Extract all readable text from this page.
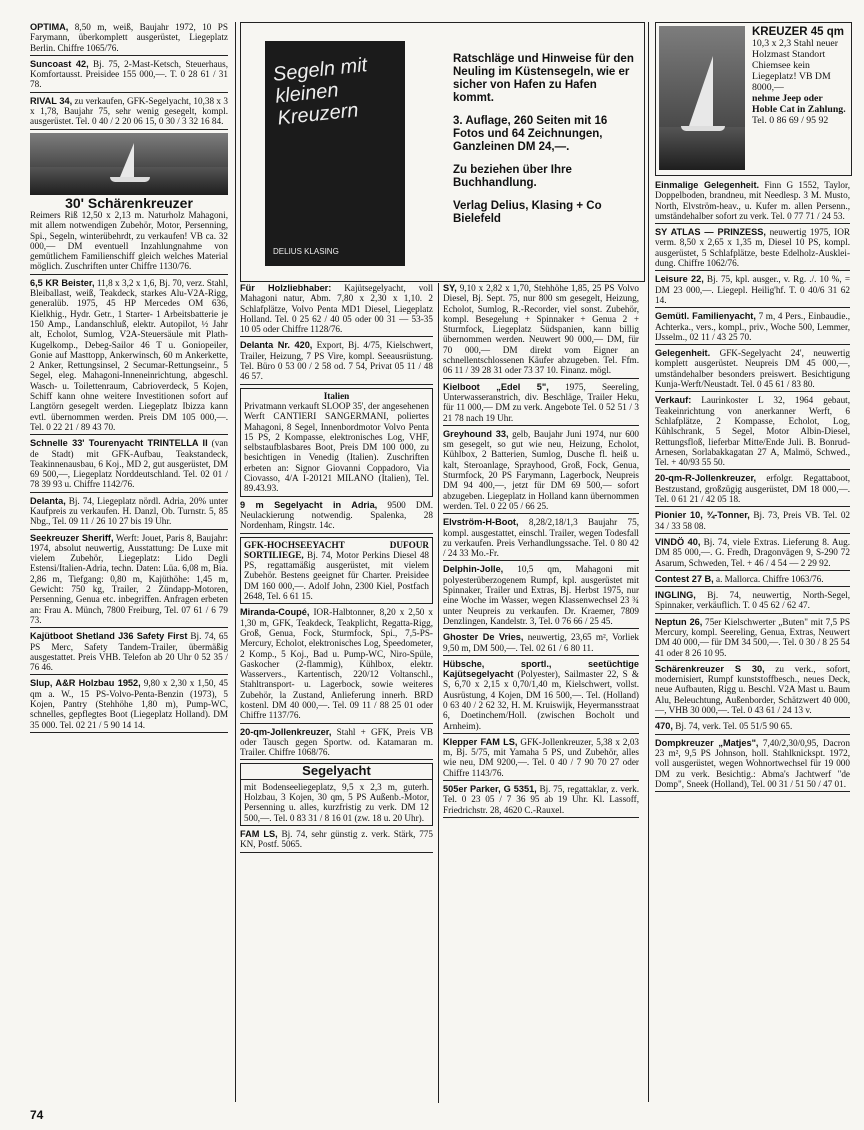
OPTIMA, 8,50 m, weiß, Baujahr 1972, 10 PS Farymann, überkomplett ausgerüstet, Liegeplatz Berlin. Chiffre 1065/76.
Suncoast 42, Bj. 75, 2-Mast-Ketsch, Steuerhaus, Komfortausst. Preisidee 155 000,—. T. 0 28 61 / 31 78.
RIVAL 34, zu verkaufen, GFK-Segelyacht, 10,38 x 3 x 1,78, Baujahr 75, sehr wenig gesegelt, kompl. ausgerüstet. Tel. 0 40 / 2 20 06 15, 0 30 / 3 32 16 84.
30' Schärenkreuzer
Reimers Riß 12,50 x 2,13 m. Naturholz Mahagoni, mit allem notwendigen Zubehör, Motor, Persenning, Spi., Segeln, winterübehrdt, zu verkaufen! VB ca. 32 000,— DM eventuell Inzahlungnahme von gemütlichem Familienschiff gleich welches Material möglich. Zuschriften unter Chiffre 1130/76.
6,5 KR Beister, 11,8 x 3,2 x 1,6, Bj. 70, verz. Stahl, Bleiballast, weiß, Teakdeck, starkes Alu-V2A-Rigg, generalüb. 1975, 45 HP Mercedes OM 636, Kielkhig., Hydr. Getr., 1 Starter- 1 Arbeitsbatterie je 150 Amp., Landanschluß, elektr. Autopilot, ½ Jahr alt, Echolot, Sumlog, V2A-Steuersäule mit Plath-Kugelkomp., Debeg-Sailor 46 T u. Goniopeiler, Gonie auf Masttopp, Ankerwinsch, 60 m Ankerkette, 2 Anker, Rettungsinsel, 2 Secumar-Rettungseinr., 5 Segel, eleg. Mahagoni-Inneneinrichtung, abgeschl. Wasch- u. Toilettenraum, Cabrioverdeck, 5 Kojen, Schiff kann ohne weitere Investitionen sofort auf Langtörn gesegelt werden. Liegeplatz Ibizza kann evtl. übernommen werden. Preis DM 105 000,—. Tel. 0 22 21 / 89 43 70.
Schnelle 33' Tourenyacht TRINTELLA II (van de Stadt) mit GFK-Aufbau, Teakstandeck, Teakinnenausbau, 6 Koj., MD 2, gut ausgerüstet, DM 69 500,—, Liegeplatz Norddeutschland. Tel. 02 01 / 78 39 93 u. Chiffre 1142/76.
Delanta, Bj. 74, Liegeplatz nördl. Adria, 20% unter Kaufpreis zu verkaufen. H. Danzl, Ob. Turnstr. 5, 85 Nbg., Tel. 09 11 / 26 10 27 bis 19 Uhr.
Seekreuzer Sheriff, Werft: Jouet, Paris 8, Baujahr: 1974, absolut neuwertig, Ausstattung: De Luxe mit vielem Zubehör, Liegeplatz: Lido Degli Estensi/Italien-Adria, techn. Daten: Lüa. 6,08 m, Bia. 2,86 m, Tiefgang: 0,80 m, Kajüthöhe: 1,45 m, Gewicht: 750 kg, Trailer, 2 Zündapp-Motoren, Persenning, Genua etc. inbegriffen. Anfragen erbeten an: Frau A. Münch, 7800 Freiburg, Tel. 07 61 / 6 79 73.
Kajütboot Shetland J36 Safety First Bj. 74, 65 PS Merc, Safety Tandem-Trailer, übermäßig ausgestattet. Preis VHB. Telefon ab 20 Uhr 0 52 35 / 76 46.
Slup, A&R Holzbau 1952, 9,80 x 2,30 x 1,50, 45 qm a. W., 15 PS-Volvo-Penta-Benzin (1973), 5 Kojen, Pantry (Stehhöhe 1,80 m), Pump-WC, schnelles, gepflegtes Boot (Liegeplatz Holland). DM 35 000. Tel. 02 21 / 5 90 14 14.
Segeln mit kleinen Kreuzern
DELIUS KLASING

Ratschläge und Hinweise für den Neuling im Küstensegeln, wie er sicher von Hafen zu Hafen kommt.

3. Auflage, 260 Seiten mit 16 Fotos und 64 Zeichnungen, Ganzleinen DM 24,—.

Zu beziehen über Ihre Buchhandlung.

Verlag Delius, Klasing + Co Bielefeld

KREUZER 45 qm
10,3 x 2,3 Stahl neuer Holzmast Standort Chiemsee kein Liegeplatz! VB DM 8000,—
nehme Jeep oder Hoble Cat in Zahlung.
Tel. 0 86 69 / 95 92
Für Holzliebhaber: Kajütsegelyacht, voll Mahagoni natur, Abm. 7,80 x 2,30 x 1,10. 2 Schlafplätze, Volvo Penta MD1 Diesel, Liegeplatz Holland. Tel. 0 25 62 / 40 05 oder 00 31 — 53-35 10 05 oder Chiffre 1128/76.
Delanta Nr. 420, Export, Bj. 4/75, Kielschwert, Trailer, Heizung, 7 PS Vire, kompl. Seeausrüstung. Tel. Büro 0 53 00 / 2 58 od. 7 54, Privat 05 11 / 48 46 57.
Italien
Privatmann verkauft SLOOP 35', der angesehenen Werft CANTIERI SANGERMANI, poliertes Mahagoni, 8 Segel, Innenbordmotor Volvo Penta 15 PS, 2 Kompasse, elektronisches Log, VHF, selbstaufblasbares Boot, Preis DM 100 000, zu besichtigen in Venedig (Italien). Zuschriften erbeten an: Signor Giovanni Coppadoro, Via Ciovasso, 4/A I-20121 MILANO (Italien), Tel. 89.43.93.
9 m Segelyacht in Adria, 9500 DM. Neulackierung notwendig. Spalenka, 28 Nordenham, Ringstr. 14c.
GFK-HOCHSEEYACHT DUFOUR SORTILIEGE, Bj. 74, Motor Perkins Diesel 48 PS, regattamäßig ausgerüstet, mit vielem Zubehör. Bestens geeignet für Charter. Preisidee DM 160 000,—. Adolf John, 2300 Kiel, Postfach 2648, Tel. 6 61 15.
Miranda-Coupé, IOR-Halbtonner, 8,20 x 2,50 x 1,30 m, GFK, Teakdeck, Teakplicht, Regatta-Rigg, Groß, Genua, Fock, Sturmfock, Spi., 7,5-PS-Mercury, Echolot, elektronisches Log, Speedometer, 2 Komp., 5 Koj., Bad u. Pump-WC, Niro-Spüle, Gaskocher (2-flammig), Kühlbox, elektr. Wasservers., Kartentisch, 220/12 Voltanschl., Stahltransport- u. Lagerbock, sowie weiteres Zubehör, la Zustand, Anlieferung innerh. BRD kostenl. DM 40 000,—. Tel. 09 11 / 88 25 01 oder Chiffre 1137/76.
20-qm-Jollenkreuzer, Stahl + GFK, Preis VB oder Tausch gegen Sportw. od. Katamaran m. Trailer. Chiffre 1068/76.
Segelyacht
mit Bodenseeliegeplatz, 9,5 x 2,3 m, guterh. Holzbau, 3 Kojen, 30 qm, 5 PS Außenb.-Motor, Persenning u. alles, kurzfristig zu verk. DM 12 500,—. Tel. 0 83 31 / 8 16 01 (zw. 18 u. 20 Uhr).
FAM LS, Bj. 74, sehr günstig z. verk. Stärk, 775 KN, Postf. 5065.
SY, 9,10 x 2,82 x 1,70, Stehhöhe 1,85, 25 PS Volvo Diesel, Bj. Sept. 75, nur 800 sm gesegelt, Heizung, Echolot, Sumlog, R.-Recorder, viel sonst. Zubehör, kompl. Besegelung + Spinnaker + Genua 2 + Sturmfock, Liegeplatz Südspanien, kann billig übernommen werden. Neuwert 90 000,— DM, für 70 000,— DM direkt vom Eigner an schnellentschlossenen Käufer abzugeben. Tel. Ffm. 06 11 / 39 28 31 oder 73 37 10. Finanz. mögl.
Kielboot „Edel 5", 1975, Seereling, Unterwasseranstrich, div. Beschläge, Trailer Heku, für 11 000,— DM zu verk. Angebote Tel. 0 52 51 / 3 21 78 nach 19 Uhr.
Greyhound 33, gelb, Baujahr Juni 1974, nur 600 sm gesegelt, so gut wie neu, Heizung, Echolot, Kühlbox, 2 Batterien, Sumlog, Dusche fl. heiß u. kalt, Steroanlage, Sprayhood, Groß, Fock, Genua, Sturmfock, 20 PS Farymann, Lagerbock, Neupreis DM 94 400,—, jetzt für DM 69 500,— sofort abzugeben. Liegeplatz in Holland kann übernommen werden. Tel. 0 22 05 / 66 25.
Elvström-H-Boot, 8,28/2,18/1,3 Baujahr 75, kompl. ausgestattet, einschl. Trailer, wegen Todesfall zu verkaufen. Preis Verhandlungssache. Tel. 0 80 42 / 24 33 Mo.-Fr.
Delphin-Jolle, 10,5 qm, Mahagoni mit polyesterüberzogenem Rumpf, kpl. ausgerüstet mit Spinnaker, Trailer und Extras, Bj. Herbst 1975, nur eine Woche im Wasser, wegen Klassenwechsel 23 ¾ unter Neupreis zu verkaufen. Dr. Kraemer, 7809 Denzlingen, Kandelstr. 3, Tel. 0 76 66 / 25 45.
Ghoster De Vries, neuwertig, 23,65 m², Vorliek 9,50 m, DM 500,—. Tel. 02 61 / 6 80 11.
Hübsche, sportl., seetüchtige Kajütsegelyacht (Polyester), Sailmaster 22, S & S, 6,70 x 2,15 x 0,70/1,40 m, Kielschwert, vollst. Ausrüstung, 4 Kojen, DM 16 500,—. Tel. (Holland) 0 63 40 / 2 62 32, H. M. Kruiswijk, Heyermansstraat 6, Doetinchem/Holl. (zwischen Bocholt und Arnheim).
Klepper FAM LS, GFK-Jollenkreuzer, 5,38 x 2,03 m, Bj. 5/75, mit Yamaha 5 PS, und Zubehör, alles wie neu, DM 9200,—. Tel. 0 40 / 7 90 70 27 oder Chiffre 1143/76.
505er Parker, G 5351, Bj. 75, regattaklar, z. verk. Tel. 0 23 05 / 7 36 95 ab 19 Uhr. Kl. Lassoff, Friedrichstr. 28, 4620 C.-Rauxel.
Einmalige Gelegenheit. Finn G 1552, Taylor, Doppelboden, brandneu, mit Needlesp. 3 M. Musto, North, Elvström-heav., u. Kufer m. allen Persenn., umständehalber sofort zu verk. Tel. 0 77 71 / 24 53.
SY ATLAS — PRINZESS, neuwertig 1975, IOR verm. 8,50 x 2,65 x 1,35 m, Diesel 10 PS, kompl. ausgerüstet, 5 Schlafplätze, beste Edelholz-Auskleidung. Chiffre 1062/76.
Leisure 22, Bj. 75, kpl. ausger., v. Rg. ./. 10 %, = DM 23 000,—. Liegepl. Heilig'hf. T. 0 40/6 31 62 14.
Gemütl. Familienyacht, 7 m, 4 Pers., Einbaudie., Achterka., vers., kompl., priv., Woche 500, Lemmer, IJsselm., 02 11 / 43 25 70.
Gelegenheit. GFK-Segelyacht 24', neuwertig komplett ausgerüstet. Neupreis DM 45 000,—, umständehalber besonders preiswert. Besichtigung Kunja-Werft/Neustadt. Tel. 0 45 61 / 83 80.
Verkauf: Laurinkoster L 32, 1964 gebaut, Teakeinrichtung von anerkanner Werft, 6 Schlafplätze, 2 Kompasse, Echolot, Log, Kühlschrank, 5 Segel, Motor Albin-Diesel, Rettungsfloß, lieferbar Mitte/Ende Juli. B. Bonrud-Arnesen, Sorlabakkagatan 27 A, Malmö, Schwed., Tel. + 40/93 55 50.
20-qm-R-Jollenkreuzer, erfolgr. Regattaboot, Bestzustand, großzügig ausgerüstet, DM 18 000,—. Tel. 0 61 21 / 42 05 18.
Pionier 10, ¾-Tonner, Bj. 73, Preis VB. Tel. 02 34 / 33 58 08.
VINDÖ 40, Bj. 74, viele Extras. Lieferung 8. Aug. DM 85 000,—. G. Fredh, Dragonvägen 9, S-290 72 Asarum, Schweden, Tel. + 46 / 4 54 — 2 29 92.
Contest 27 B, a. Mallorca. Chiffre 1063/76.
INGLING, Bj. 74, neuwertig, North-Segel, Spinnaker, verkäuflich. T. 0 45 62 / 62 47.
Neptun 26, 75er Kielschwerter „Buten" mit 7,5 PS Mercury, kompl. Seereling, Genua, Extras, Neuwert DM 40 000,— für DM 34 500,—. Tel. 0 30 / 8 25 54 41 oder 8 26 10 95.
Schärenkreuzer S 30, zu verk., sofort, modernisiert, Rumpf kunststoffbesch., neues Deck, neue Aufbauten, Rigg u. Beschl. V2A Mast u. Baum Alu, Beleuchtung, Außenborder, Schätzwert 40 000,—, VHB 30 000,—. Tel. 0 43 61 / 24 13 v.
470, Bj. 74, verk. Tel. 05 51/5 90 65.
Dompkreuzer „Matjes", 7,40/2,30/0,95, Dacron 23 m², 9,5 PS Johnson, holl. Stahlknickspt. 1972, voll ausgerüstet, wegen Wohnortwechsel für 19 000 DM zu verk. Besichtig.: Abma's Jachtwerf "de Domp", Sneek (Holland), Tel. 00 31 / 51 50 / 47 01.
74
